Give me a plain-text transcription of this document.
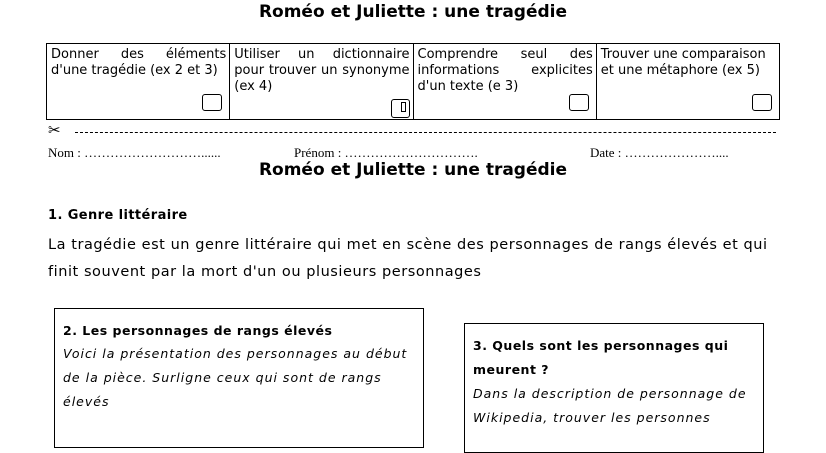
Roméo et Juliette : une tragédie
Donner des éléments d'une tragédie (ex 2 et 3)
Utiliser un dictionnaire pour trouver un synonyme (ex 4)
Comprendre seul des informations explicites d'un texte (e 3)
Trouver une comparaison et une métaphore (ex 5)
✂
Nom : ………………………......	Prénom : ………………………….	Date : …………………....
Roméo et Juliette : une tragédie
1. Genre littéraire
La tragédie est un genre littéraire qui met en scène des personnages de rangs élevés et qui finit souvent par la mort d'un ou plusieurs personnages
2. Les personnages de rangs élevés
Voici la présentation des personnages au début de la pièce. Surligne ceux qui sont de rangs élevés
3. Quels sont les personnages qui meurent ?
Dans la description de personnage de Wikipedia, trouver les personnes
